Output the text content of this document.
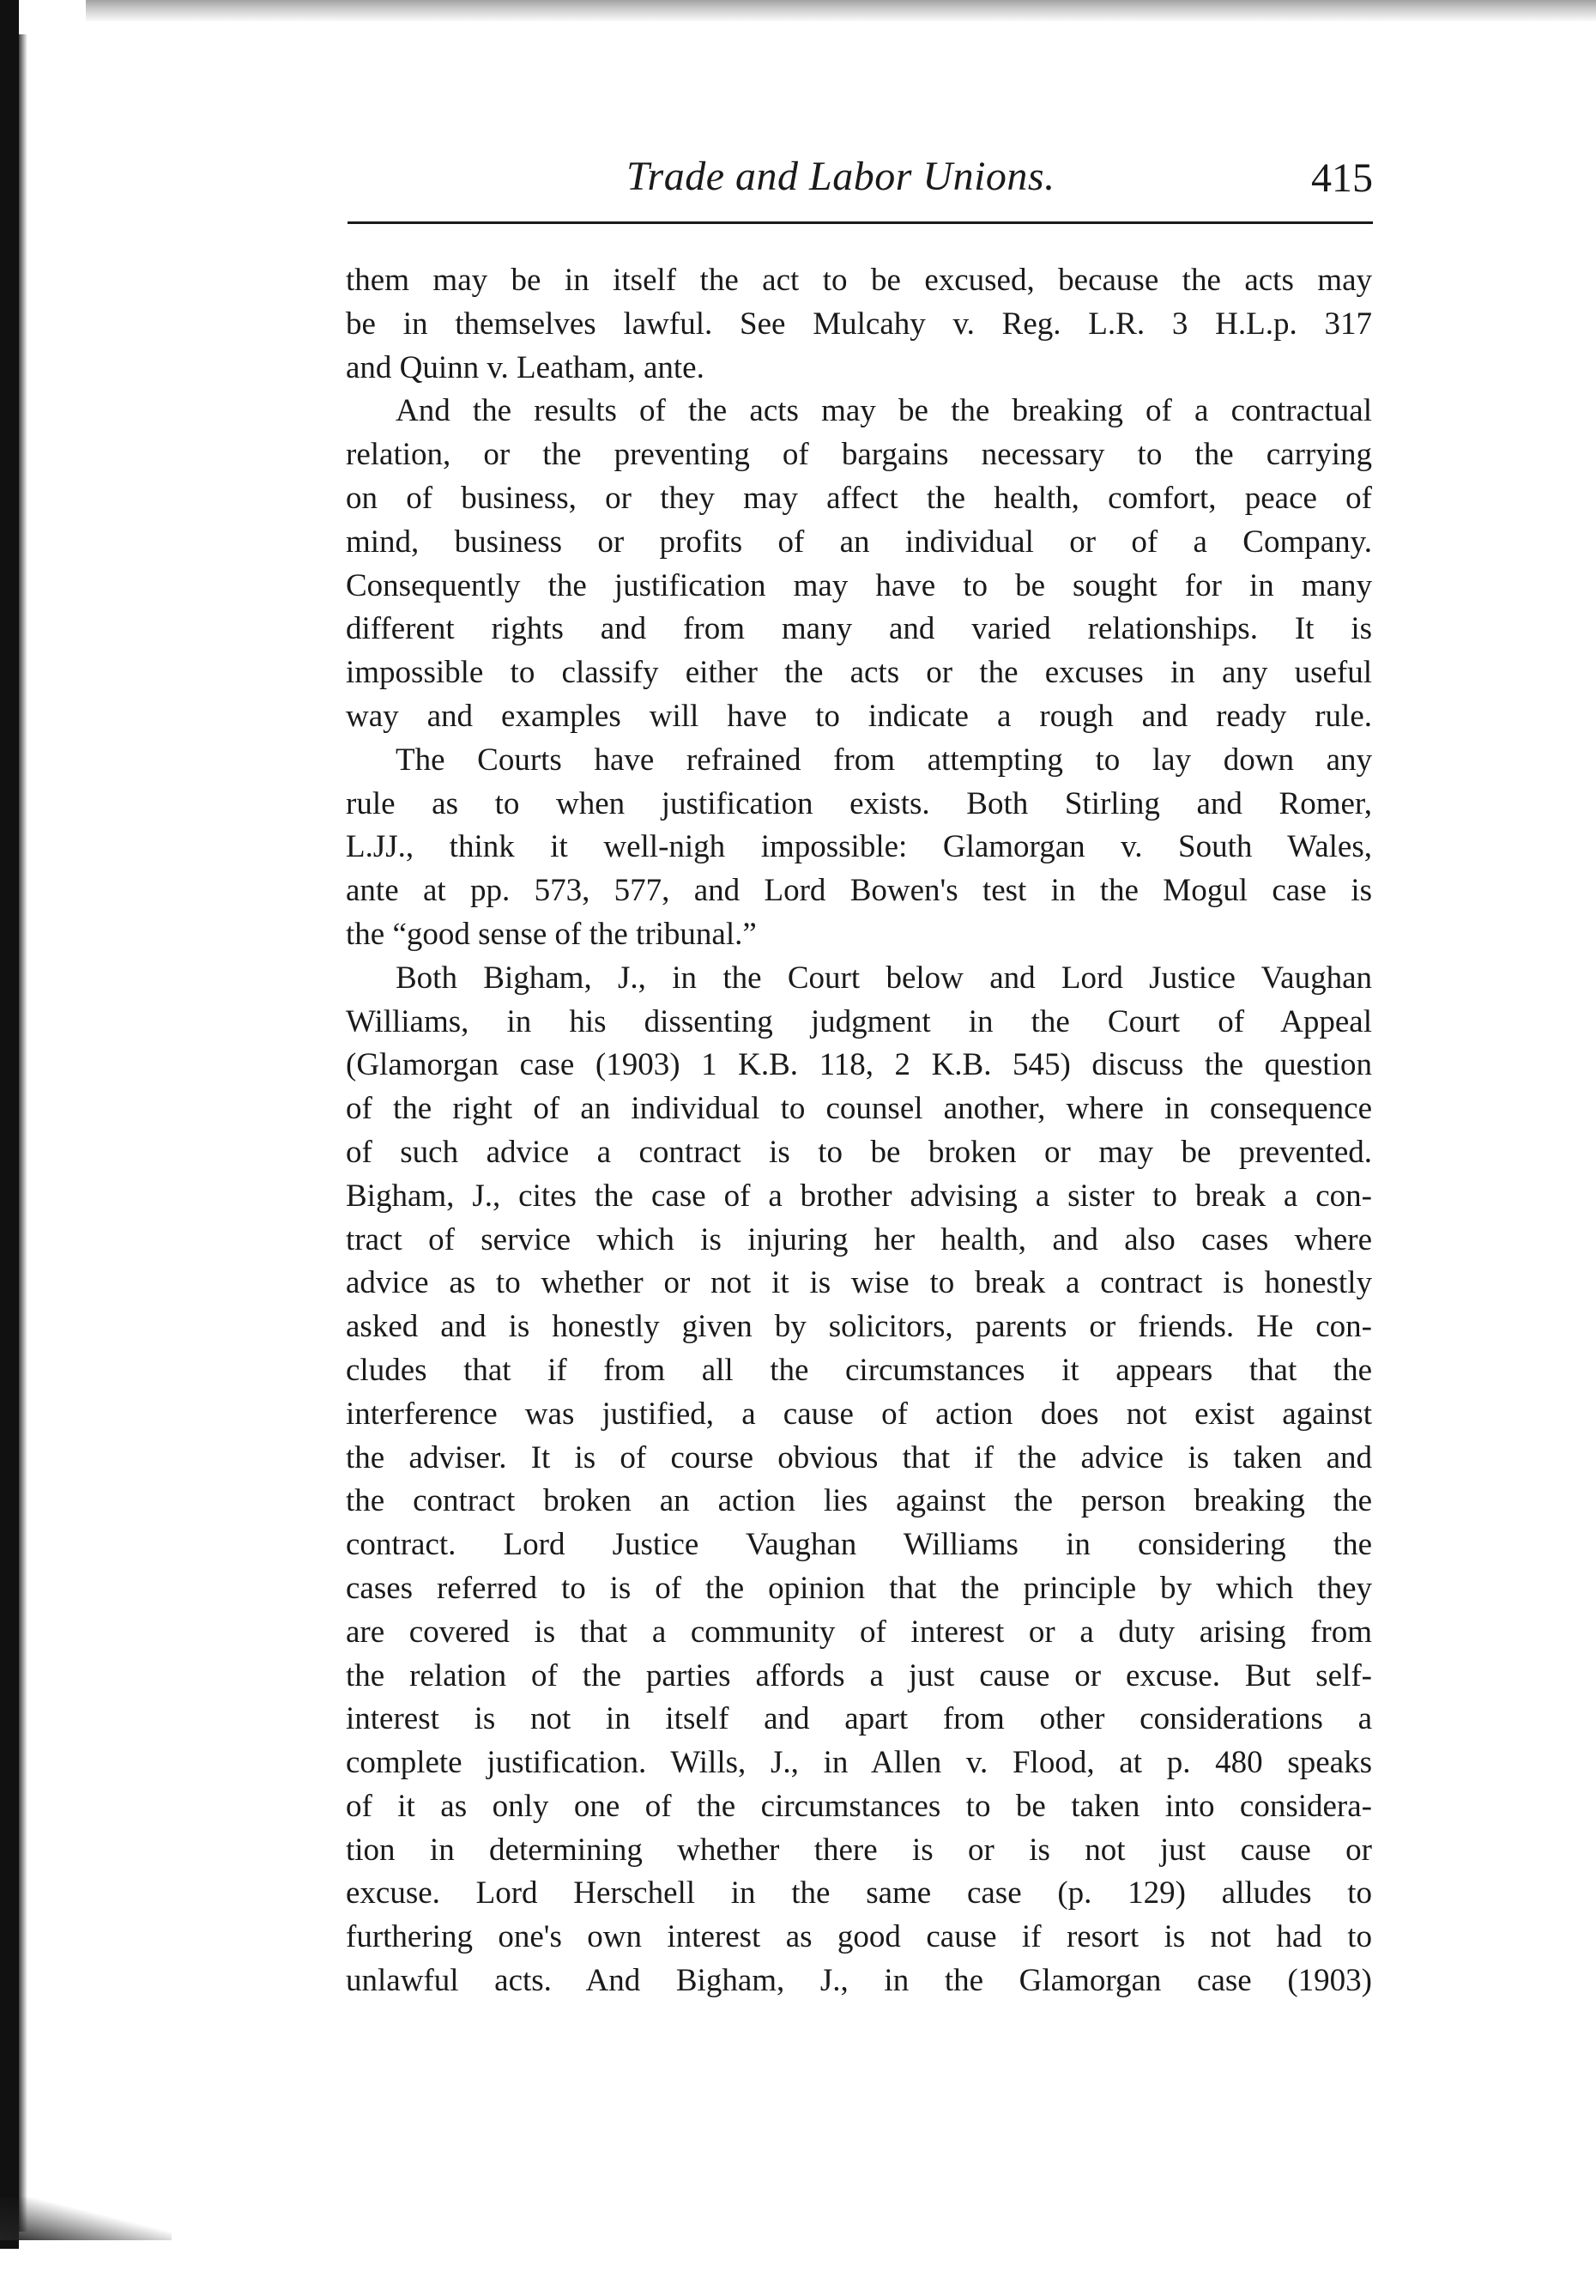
Trade and Labor Unions.	415
them may be in itself the act to be excused, because the acts may
be in themselves lawful. See Mulcahy v. Reg. L.R. 3 H.L.p. 317
and Quinn v. Leatham, ante.
And the results of the acts may be the breaking of a contractual
relation, or the preventing of bargains necessary to the carrying
on of business, or they may affect the health, comfort, peace of
mind, business or profits of an individual or of a Company.
Consequently the justification may have to be sought for in many
different rights and from many and varied relationships. It is
impossible to classify either the acts or the excuses in any useful
way and examples will have to indicate a rough and ready rule.
The Courts have refrained from attempting to lay down any
rule as to when justification exists. Both Stirling and Romer,
L.JJ., think it well-nigh impossible: Glamorgan v. South Wales,
ante at pp. 573, 577, and Lord Bowen's test in the Mogul case is
the “good sense of the tribunal.”
Both Bigham, J., in the Court below and Lord Justice Vaughan
Williams, in his dissenting judgment in the Court of Appeal
(Glamorgan case (1903) 1 K.B. 118, 2 K.B. 545) discuss the question
of the right of an individual to counsel another, where in consequence
of such advice a contract is to be broken or may be prevented.
Bigham, J., cites the case of a brother advising a sister to break a con-
tract of service which is injuring her health, and also cases where
advice as to whether or not it is wise to break a contract is honestly
asked and is honestly given by solicitors, parents or friends. He con-
cludes that if from all the circumstances it appears that the
interference was justified, a cause of action does not exist against
the adviser. It is of course obvious that if the advice is taken and
the contract broken an action lies against the person breaking the
contract. Lord Justice Vaughan Williams in considering the
cases referred to is of the opinion that the principle by which they
are covered is that a community of interest or a duty arising from
the relation of the parties affords a just cause or excuse. But self-
interest is not in itself and apart from other considerations a
complete justification. Wills, J., in Allen v. Flood, at p. 480 speaks
of it as only one of the circumstances to be taken into considera-
tion in determining whether there is or is not just cause or
excuse. Lord Herschell in the same case (p. 129) alludes to
furthering one's own interest as good cause if resort is not had to
unlawful acts. And Bigham, J., in the Glamorgan case (1903)
